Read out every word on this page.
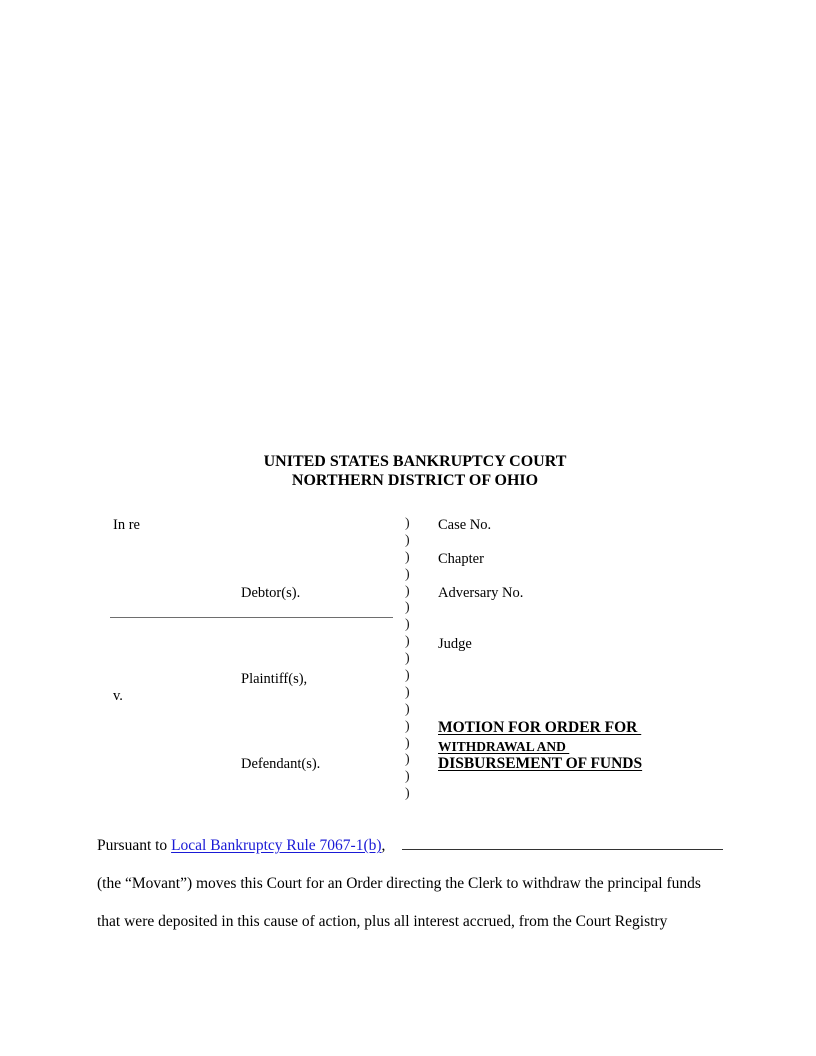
UNITED STATES BANKRUPTCY COURT
NORTHERN DISTRICT OF OHIO
In re
Debtor(s).
Plaintiff(s),
v.
Defendant(s).
)
)
)
)
)
)
)
)
)
)
)
)
)
)
)
)
)
Case No.
Chapter
Adversary No.
Judge
MOTION FOR ORDER FOR
WITHDRAWAL AND
DISBURSEMENT OF FUNDS
Pursuant to Local Bankruptcy Rule 7067-1(b),
(the “Movant”) moves this Court for an Order directing the Clerk to withdraw the principal funds
that were deposited in this cause of action, plus all interest accrued, from the Court Registry
